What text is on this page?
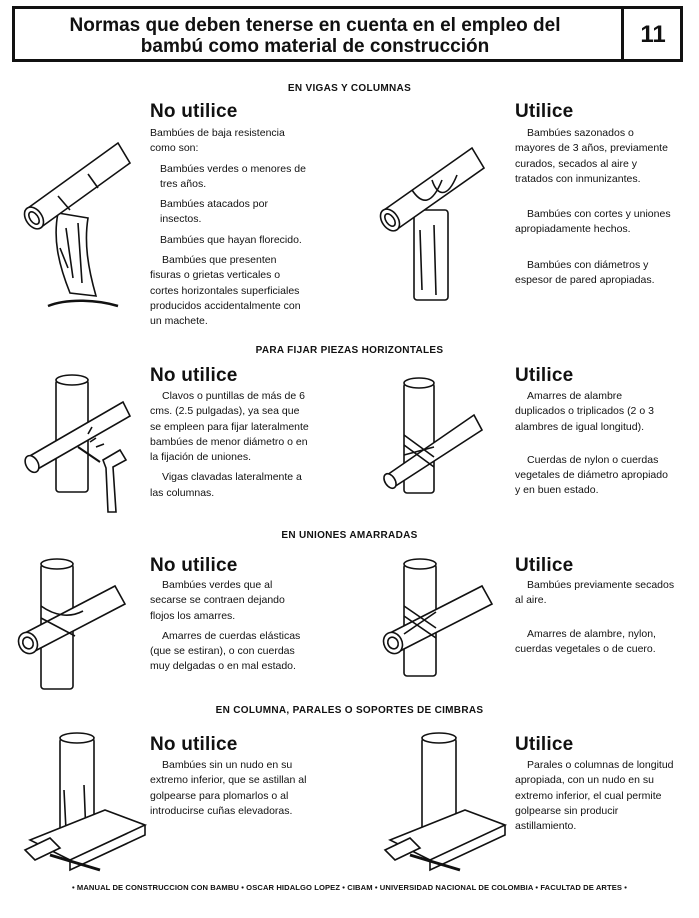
Normas que deben tenerse en cuenta en el empleo del
bambú como material de construcción	11
EN VIGAS Y COLUMNAS
No utilice

Bambúes de baja resistencia como son:

Bambúes verdes o menores de tres años.

Bambúes atacados por insectos.

Bambúes que hayan florecido.

Bambúes que presenten fisuras o grietas verticales o cortes horizontales superficiales producidos accidentalmente con un machete.

Utilice

Bambúes sazonados o mayores de 3 años, previamente curados, secados al aire y tratados con inmunizantes.

Bambúes con cortes y uniones apropiadamente hechos.

Bambúes con diámetros y espesor de pared apropiadas.

PARA FIJAR PIEZAS HORIZONTALES
No utilice

Clavos o puntillas de más de 6 cms. (2.5 pulgadas), ya sea que se empleen para fijar lateralmente bambúes de menor diámetro o en la fijación de uniones.

Vigas clavadas lateralmente a las columnas.

Utilice

Amarres de alambre duplicados o triplicados (2 o 3 alambres de igual longitud).

Cuerdas de nylon o cuerdas vegetales de diámetro apropiado y en buen estado.

EN UNIONES AMARRADAS
No utilice

Bambúes verdes que al secarse se contraen dejando flojos los amarres.

Amarres de cuerdas elásticas (que se estiran), o con cuerdas muy delgadas o en mal estado.

Utilice

Bambúes previamente secados al aire.

Amarres de alambre, nylon, cuerdas vegetales o de cuero.

EN COLUMNA, PARALES O SOPORTES DE CIMBRAS
No utilice

Bambúes sin un nudo en su extremo inferior, que se astillan al golpearse para plomarlos o al introducirse cuñas elevadoras.

Utilice

Parales o columnas de longitud apropiada, con un nudo en su extremo inferior, el cual permite golpearse sin producir astillamiento.

• MANUAL DE CONSTRUCCION CON BAMBU • OSCAR HIDALGO LOPEZ • CIBAM • UNIVERSIDAD NACIONAL DE COLOMBIA • FACULTAD DE ARTES •
